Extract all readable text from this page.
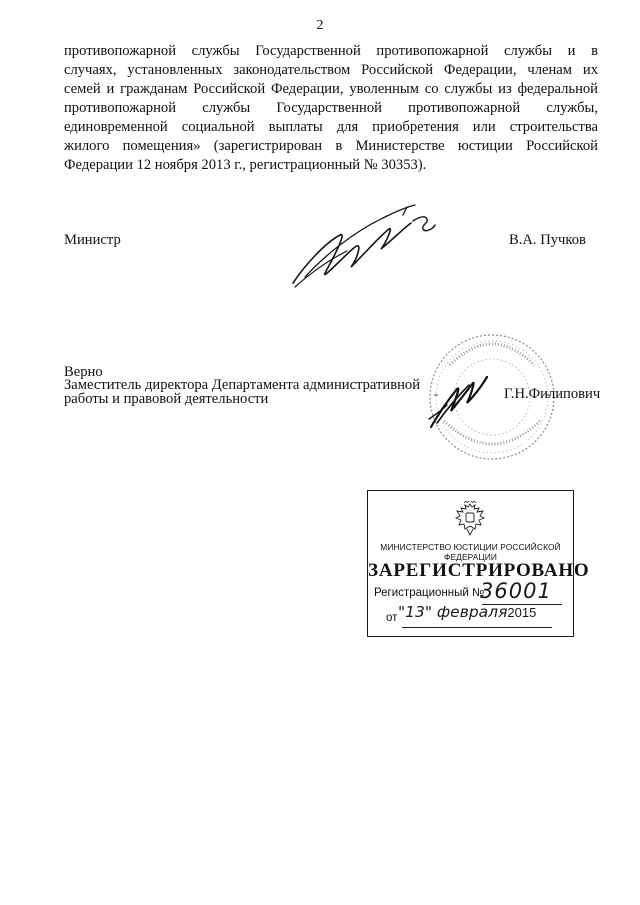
2
противопожарной службы Государственной противопожарной службы и в
случаях, установленных законодательством Российской Федерации, членам их
семей и гражданам Российской Федерации, уволенным со службы из федеральной
противопожарной службы Государственной противопожарной службы,
единовременной социальной выплаты для приобретения или строительства
жилого помещения» (зарегистрирован в Министерстве юстиции Российской
Федерации 12 ноября 2013 г., регистрационный № 30353).
Министр	В.А. Пучков
Верно
Заместитель директора Департамента административной
работы и правовой деятельности	Г.Н.Филипович
МИНИСТЕРСТВО ЮСТИЦИИ РОССИЙСКОЙ ФЕДЕРАЦИИ
ЗАРЕГИСТРИРОВАНО
Регистрационный №
36001
от "13" февраля2015
